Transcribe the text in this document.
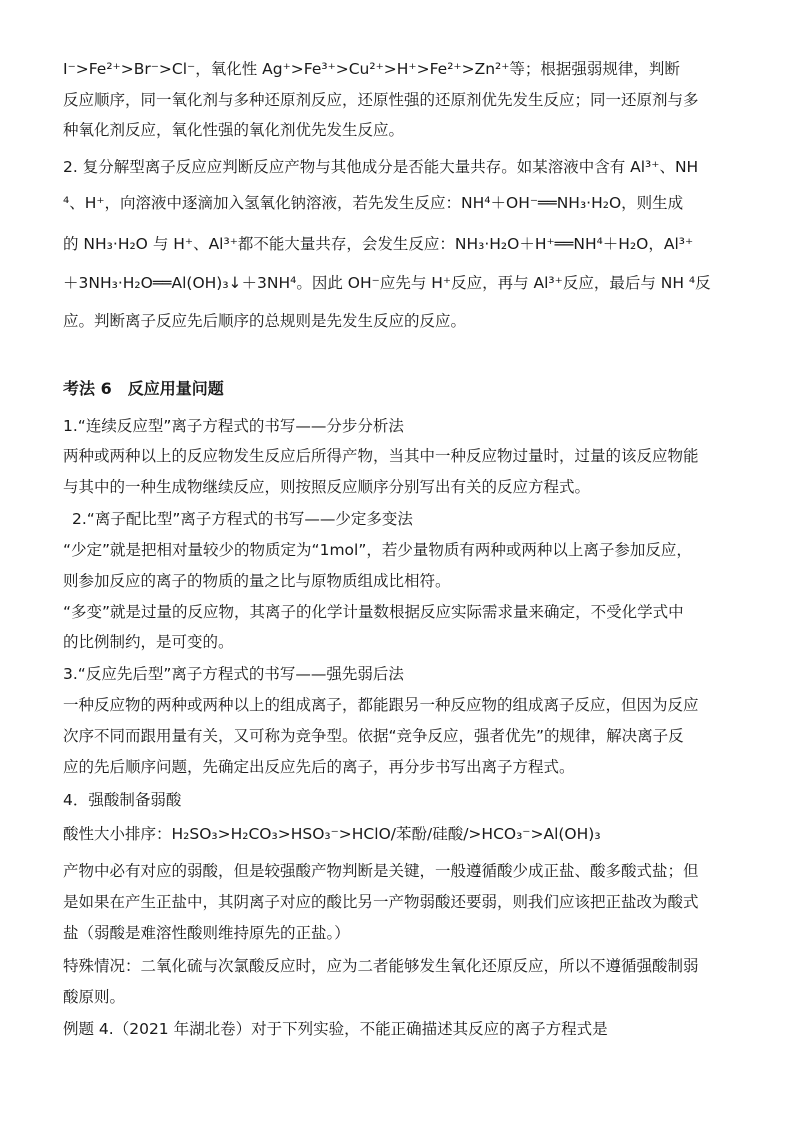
I⁻>Fe²⁺>Br⁻>Cl⁻，氧化性 Ag⁺>Fe³⁺>Cu²⁺>H⁺>Fe²⁺>Zn²⁺等；根据强弱规律，判断
反应顺序，同一氧化剂与多种还原剂反应，还原性强的还原剂优先发生反应；同一还原剂与多
种氧化剂反应，氧化性强的氧化剂优先发生反应。
2. 复分解型离子反应应判断反应产物与其他成分是否能大量共存。如某溶液中含有 Al³⁺、NH
⁴、H⁺，向溶液中逐滴加入氢氧化钠溶液，若先发生反应：NH⁴＋OH⁻══NH₃·H₂O，则生成
的 NH₃·H₂O 与 H⁺、Al³⁺都不能大量共存，会发生反应：NH₃·H₂O＋H⁺══NH⁴＋H₂O，Al³⁺
＋3NH₃·H₂O══Al(OH)₃↓＋3NH⁴。因此 OH⁻应先与 H⁺反应，再与 Al³⁺反应，最后与 NH ⁴反
应。判断离子反应先后顺序的总规则是先发生反应的反应。
考法 6　反应用量问题
1.“连续反应型”离子方程式的书写——分步分析法
两种或两种以上的反应物发生反应后所得产物，当其中一种反应物过量时，过量的该反应物能
与其中的一种生成物继续反应，则按照反应顺序分别写出有关的反应方程式。
2.“离子配比型”离子方程式的书写——少定多变法
“少定”就是把相对量较少的物质定为“1mol”，若少量物质有两种或两种以上离子参加反应，
则参加反应的离子的物质的量之比与原物质组成比相符。
“多变”就是过量的反应物，其离子的化学计量数根据反应实际需求量来确定，不受化学式中
的比例制约，是可变的。
3.“反应先后型”离子方程式的书写——强先弱后法
一种反应物的两种或两种以上的组成离子，都能跟另一种反应物的组成离子反应，但因为反应
次序不同而跟用量有关，又可称为竞争型。依据“竞争反应，强者优先”的规律，解决离子反
应的先后顺序问题，先确定出反应先后的离子，再分步书写出离子方程式。
4．强酸制备弱酸
酸性大小排序：H₂SO₃>H₂CO₃>HSO₃⁻>HClO/苯酚/硅酸/>HCO₃⁻>Al(OH)₃
产物中必有对应的弱酸，但是较强酸产物判断是关键，一般遵循酸少成正盐、酸多酸式盐；但
是如果在产生正盐中，其阴离子对应的酸比另一产物弱酸还要弱，则我们应该把正盐改为酸式
盐（弱酸是难溶性酸则维持原先的正盐。）
特殊情况：二氧化硫与次氯酸反应时，应为二者能够发生氧化还原反应，所以不遵循强酸制弱
酸原则。
例题 4.（2021 年湖北卷）对于下列实验，不能正确描述其反应的离子方程式是
